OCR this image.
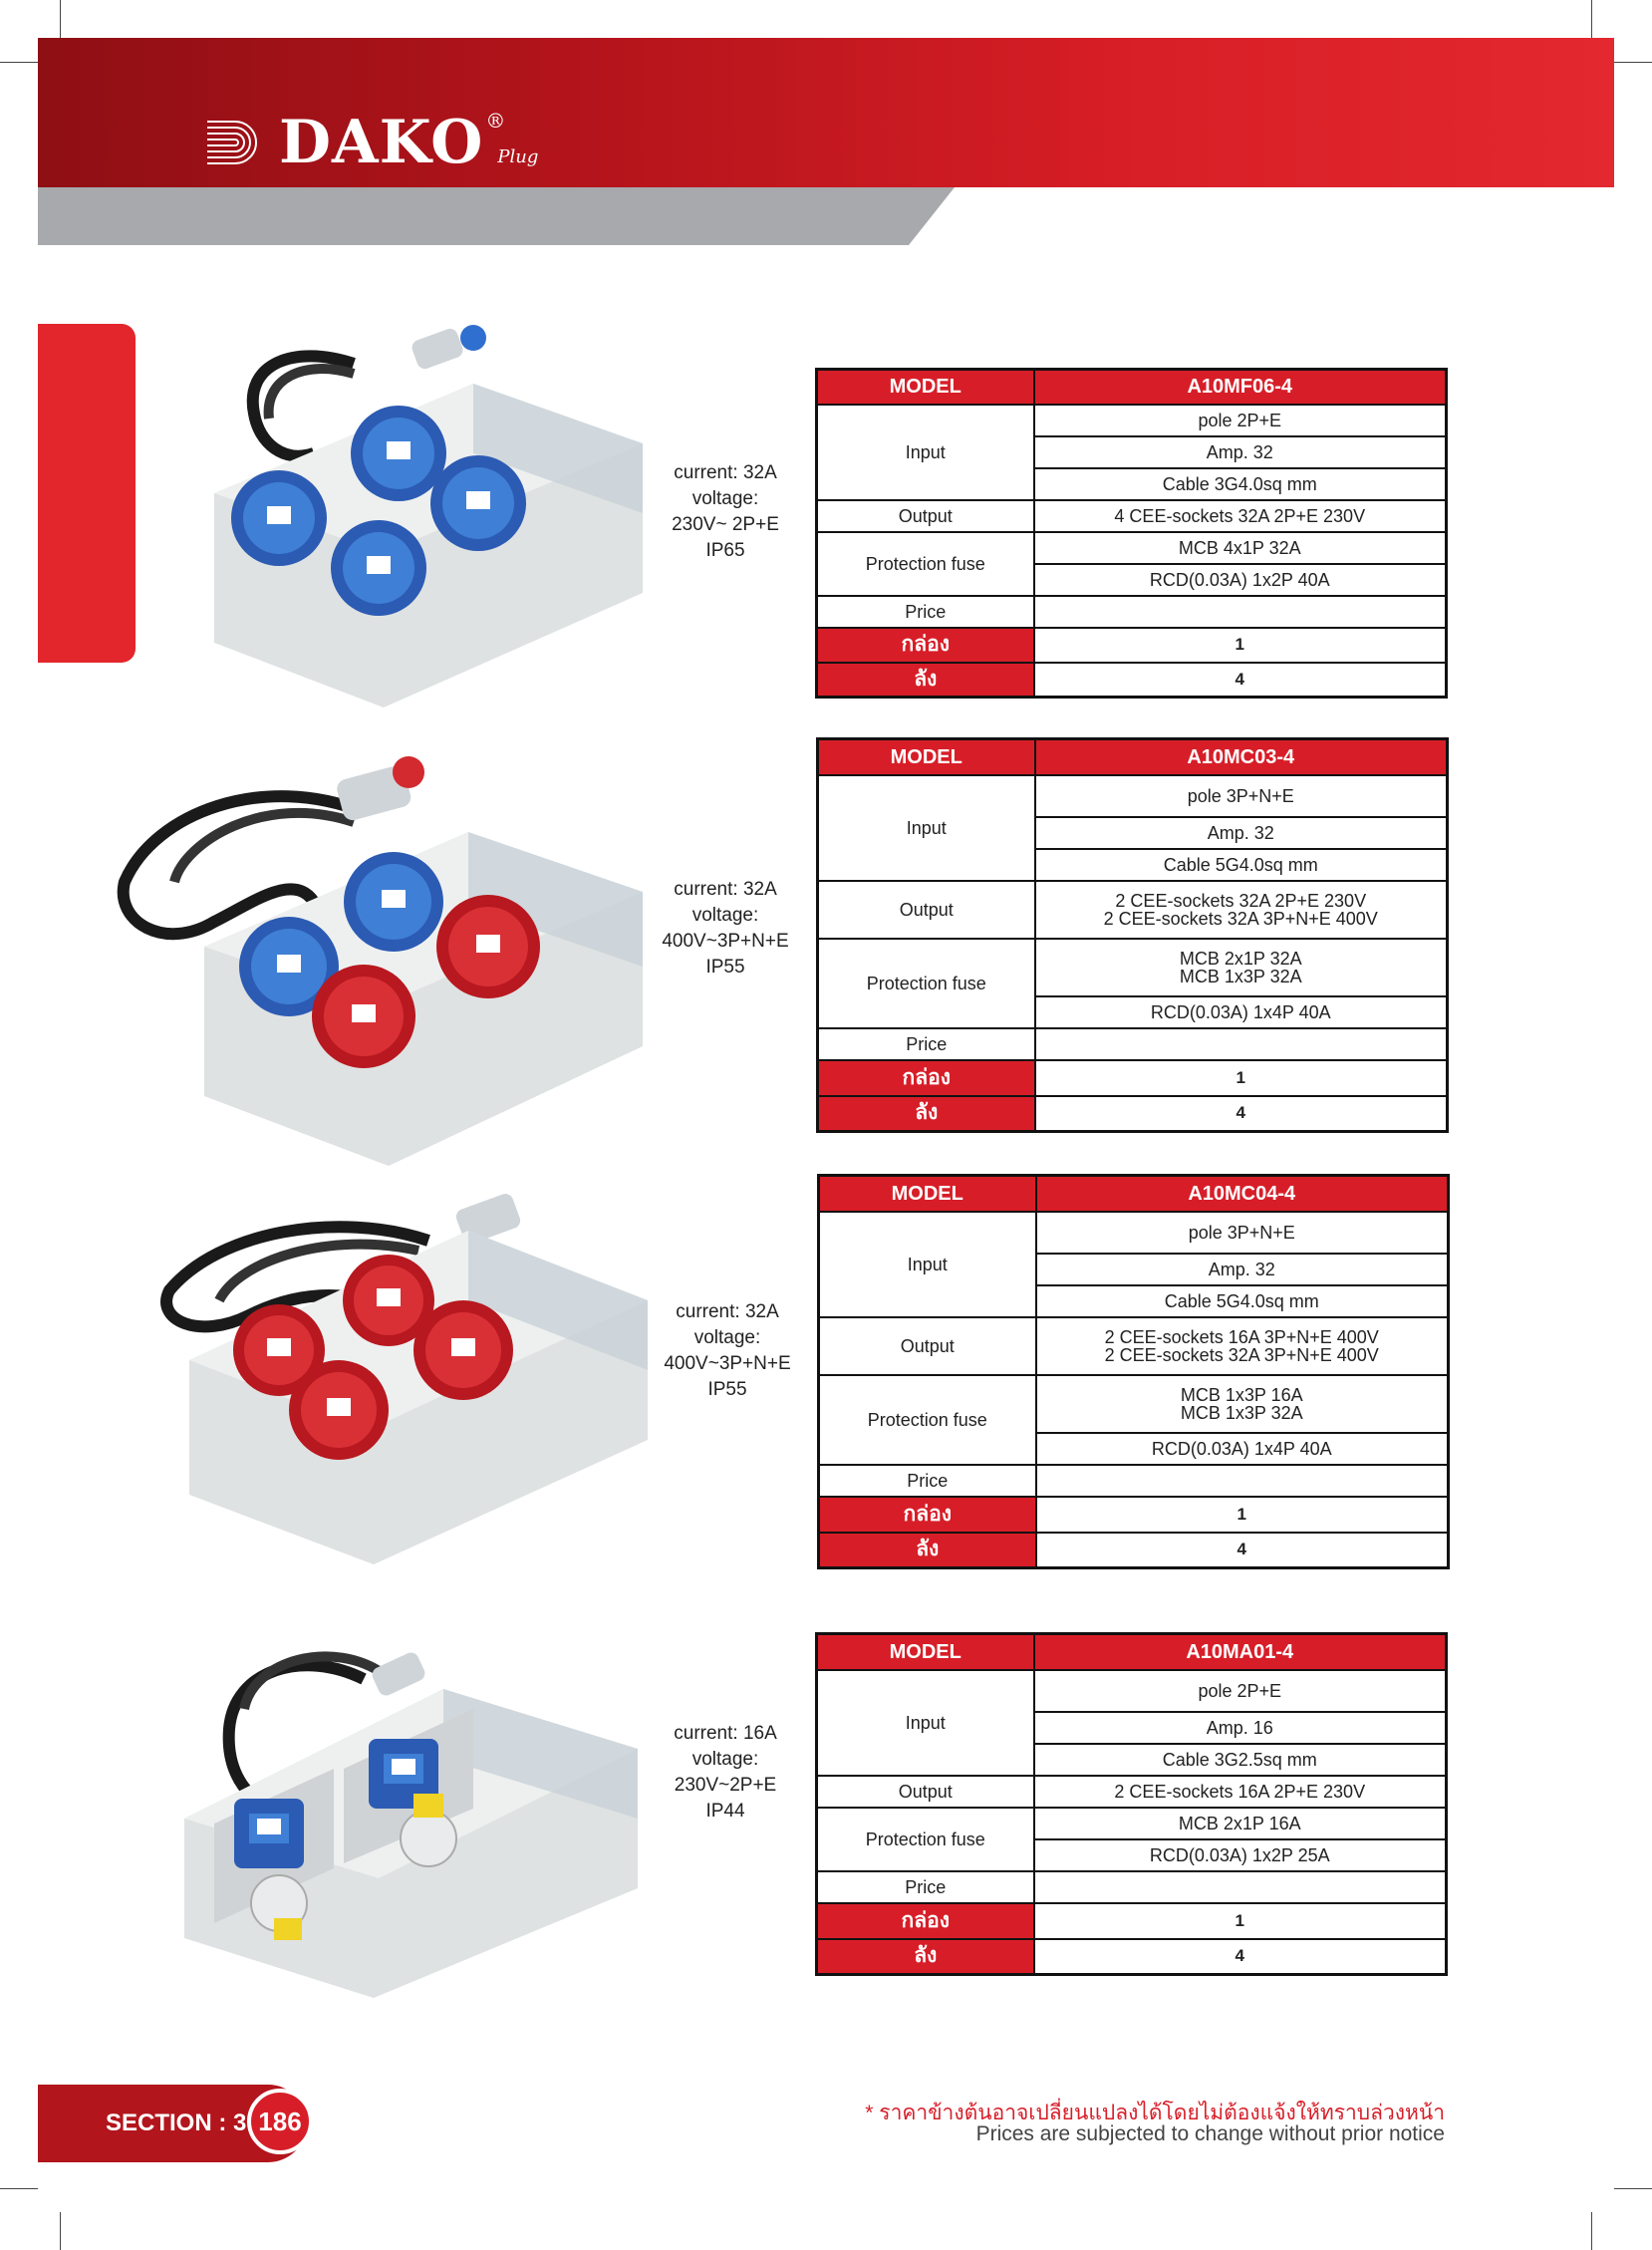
DAKO ®
Plug
current: 32A
voltage:
230V~ 2P+E
IP65
MODEL	A10MF06-4
Input	pole 2P+E
	Amp. 32
	Cable 3G4.0sq mm
Output	4 CEE-sockets 32A 2P+E 230V
Protection fuse	MCB 4x1P 32A
	RCD(0.03A) 1x2P 40A
Price	
กล่อง	1
ลัง	4
current: 32A
voltage:
400V~3P+N+E
IP55
MODEL	A10MC03-4
Input	pole 3P+N+E
	Amp. 32
	Cable 5G4.0sq mm
Output	2 CEE-sockets 32A 2P+E 230V
2 CEE-sockets 32A 3P+N+E 400V

Protection fuse	MCB 2x1P 32A
MCB 1x3P 32A

	RCD(0.03A) 1x4P 40A
Price	
กล่อง	1
ลัง	4
current: 32A
voltage:
400V~3P+N+E
IP55
MODEL	A10MC04-4
Input	pole 3P+N+E
	Amp. 32
	Cable 5G4.0sq mm
Output	2 CEE-sockets 16A 3P+N+E 400V
2 CEE-sockets 32A 3P+N+E 400V

Protection fuse	MCB 1x3P 16A
MCB 1x3P 32A

	RCD(0.03A) 1x4P 40A
Price	
กล่อง	1
ลัง	4
current: 16A
voltage:
230V~2P+E
IP44
MODEL	A10MA01-4
Input	pole 2P+E
	Amp. 16
	Cable 3G2.5sq mm
Output	2 CEE-sockets 16A 2P+E 230V
Protection fuse	MCB 2x1P 16A
	RCD(0.03A) 1x2P 25A
Price	
กล่อง	1
ลัง	4
SECTION : 3 186	* ราคาข้างต้นอาจเปลี่ยนแปลงได้โดยไม่ต้องแจ้งให้ทราบล่วงหน้า
Prices are subjected to change without prior notice
